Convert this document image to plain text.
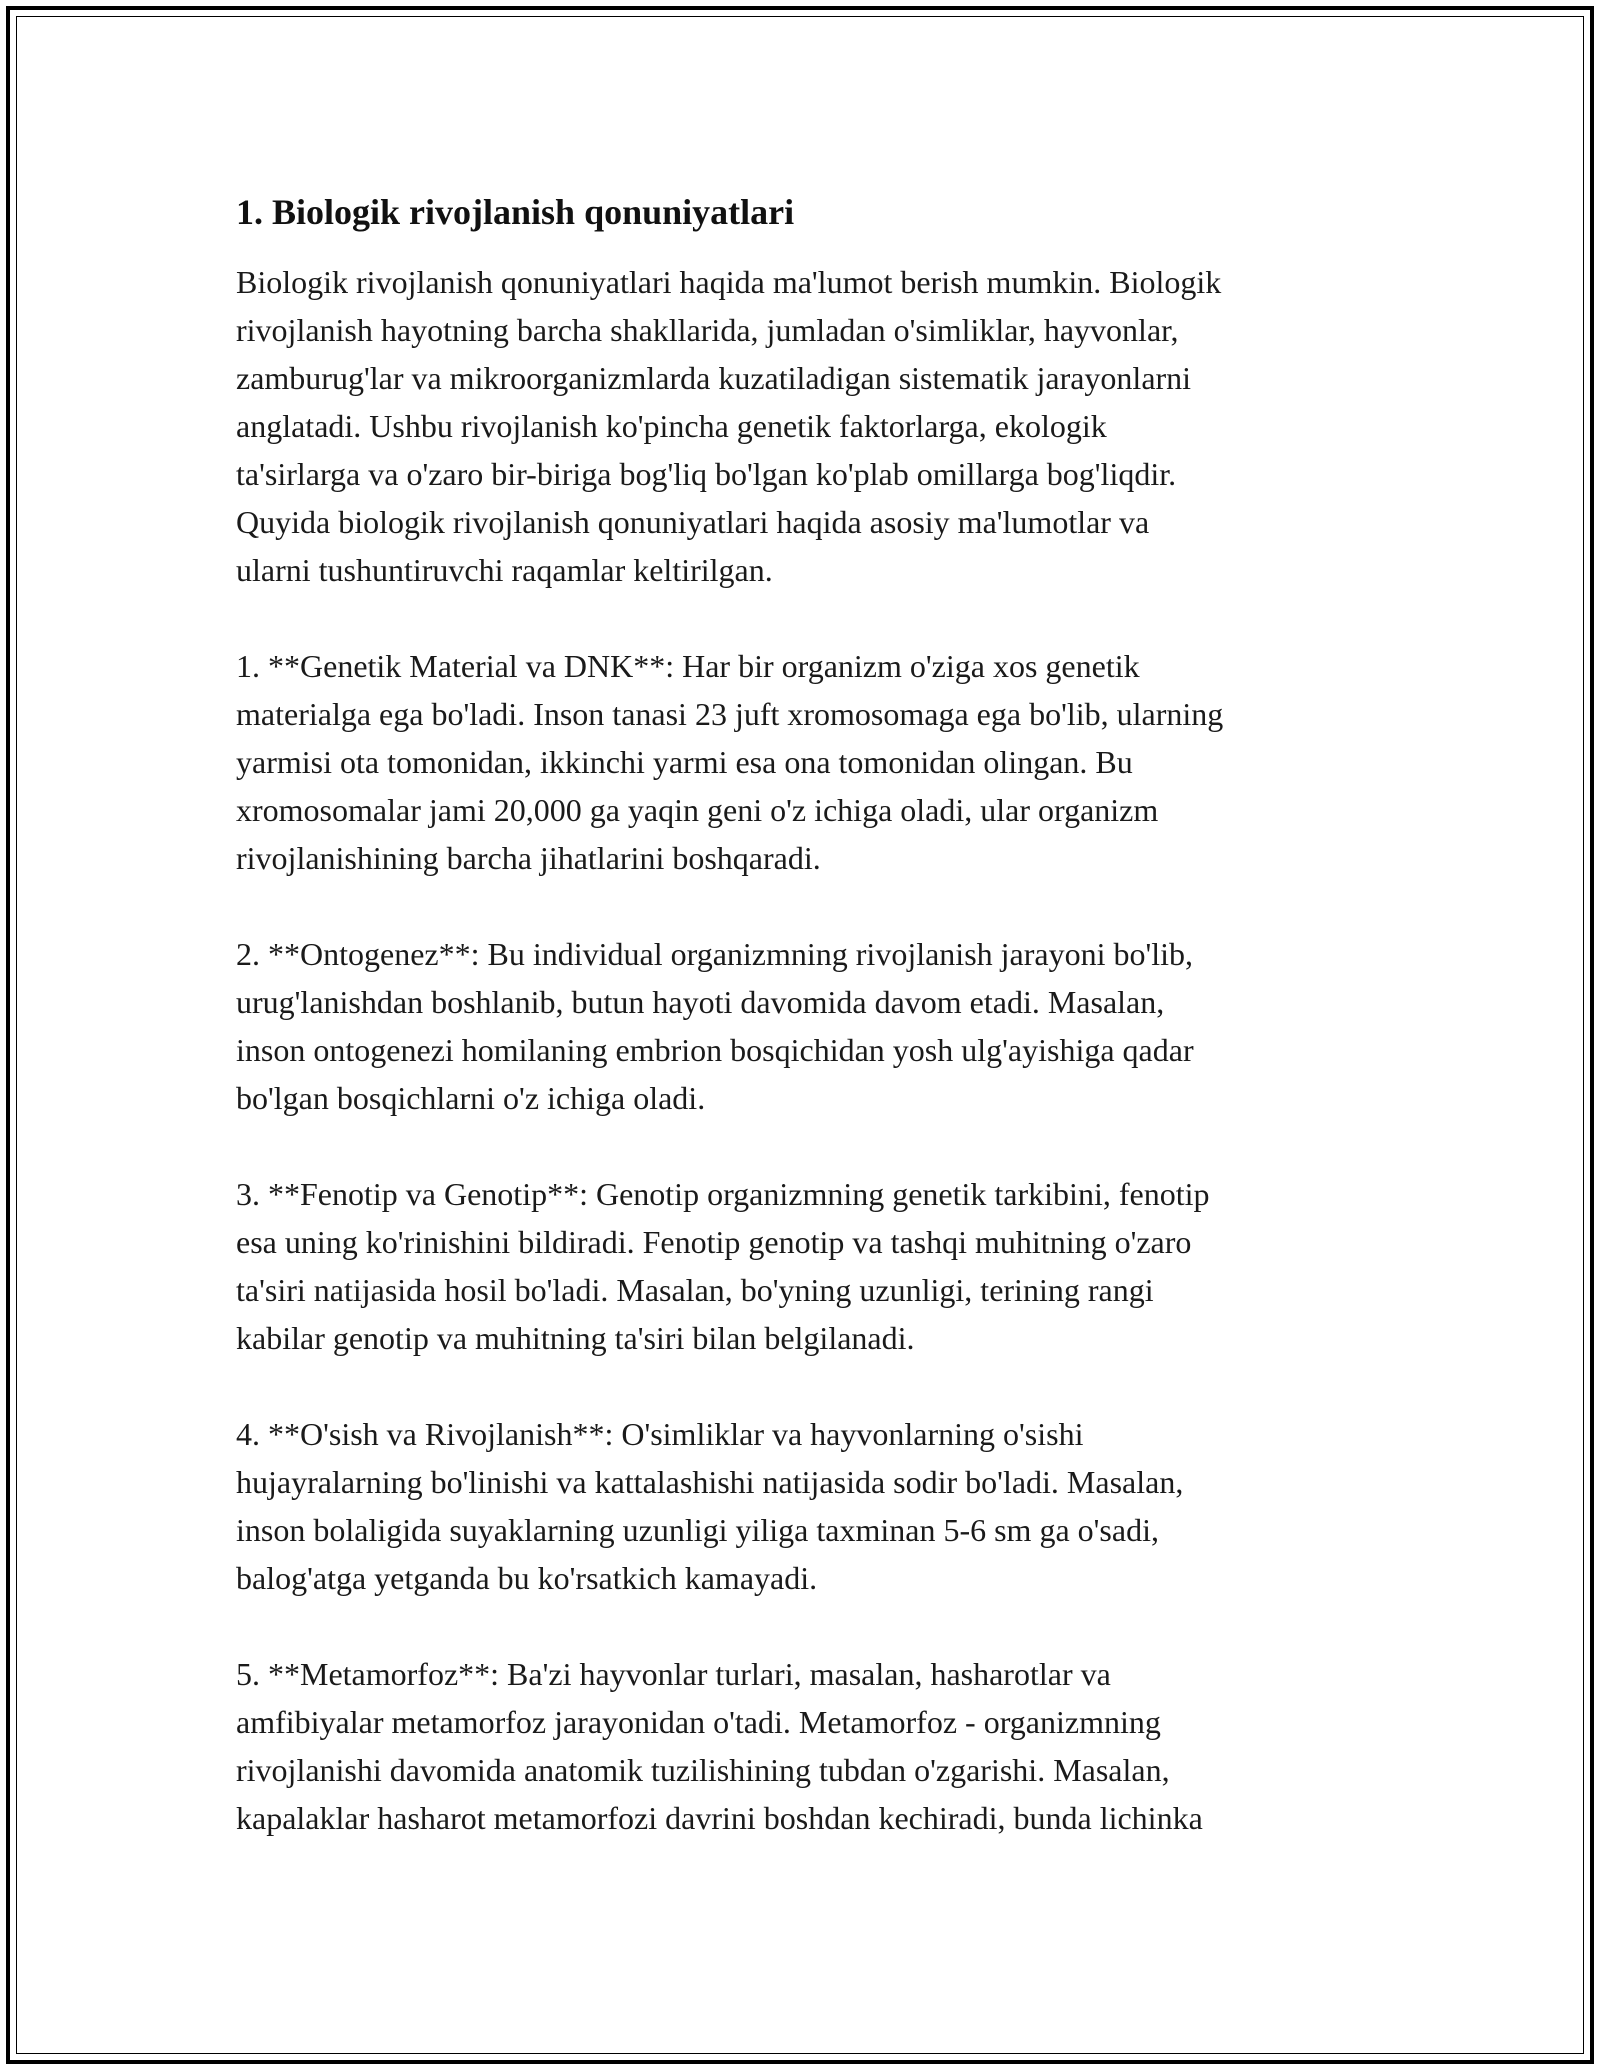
1. Biologik rivojlanish qonuniyatlari
Biologik rivojlanish qonuniyatlari haqida ma'lumot berish mumkin. Biologik
rivojlanish hayotning barcha shakllarida, jumladan o'simliklar, hayvonlar,
zamburug'lar va mikroorganizmlarda kuzatiladigan sistematik jarayonlarni
anglatadi. Ushbu rivojlanish ko'pincha genetik faktorlarga, ekologik
ta'sirlarga va o'zaro bir-biriga bog'liq bo'lgan ko'plab omillarga bog'liqdir.
Quyida biologik rivojlanish qonuniyatlari haqida asosiy ma'lumotlar va
ularni tushuntiruvchi raqamlar keltirilgan.
1. **Genetik Material va DNK**: Har bir organizm o'ziga xos genetik
materialga ega bo'ladi. Inson tanasi 23 juft xromosomaga ega bo'lib, ularning
yarmisi ota tomonidan, ikkinchi yarmi esa ona tomonidan olingan. Bu
xromosomalar jami 20,000 ga yaqin geni o'z ichiga oladi, ular organizm
rivojlanishining barcha jihatlarini boshqaradi.
2. **Ontogenez**: Bu individual organizmning rivojlanish jarayoni bo'lib,
urug'lanishdan boshlanib, butun hayoti davomida davom etadi. Masalan,
inson ontogenezi homilaning embrion bosqichidan yosh ulg'ayishiga qadar
bo'lgan bosqichlarni o'z ichiga oladi.
3. **Fenotip va Genotip**: Genotip organizmning genetik tarkibini, fenotip
esa uning ko'rinishini bildiradi. Fenotip genotip va tashqi muhitning o'zaro
ta'siri natijasida hosil bo'ladi. Masalan, bo'yning uzunligi, terining rangi
kabilar genotip va muhitning ta'siri bilan belgilanadi.
4. **O'sish va Rivojlanish**: O'simliklar va hayvonlarning o'sishi
hujayralarning bo'linishi va kattalashishi natijasida sodir bo'ladi. Masalan,
inson bolaligida suyaklarning uzunligi yiliga taxminan 5-6 sm ga o'sadi,
balog'atga yetganda bu ko'rsatkich kamayadi.
5. **Metamorfoz**: Ba'zi hayvonlar turlari, masalan, hasharotlar va
amfibiyalar metamorfoz jarayonidan o'tadi. Metamorfoz - organizmning
rivojlanishi davomida anatomik tuzilishining tubdan o'zgarishi. Masalan,
kapalaklar hasharot metamorfozi davrini boshdan kechiradi, bunda lichinka
